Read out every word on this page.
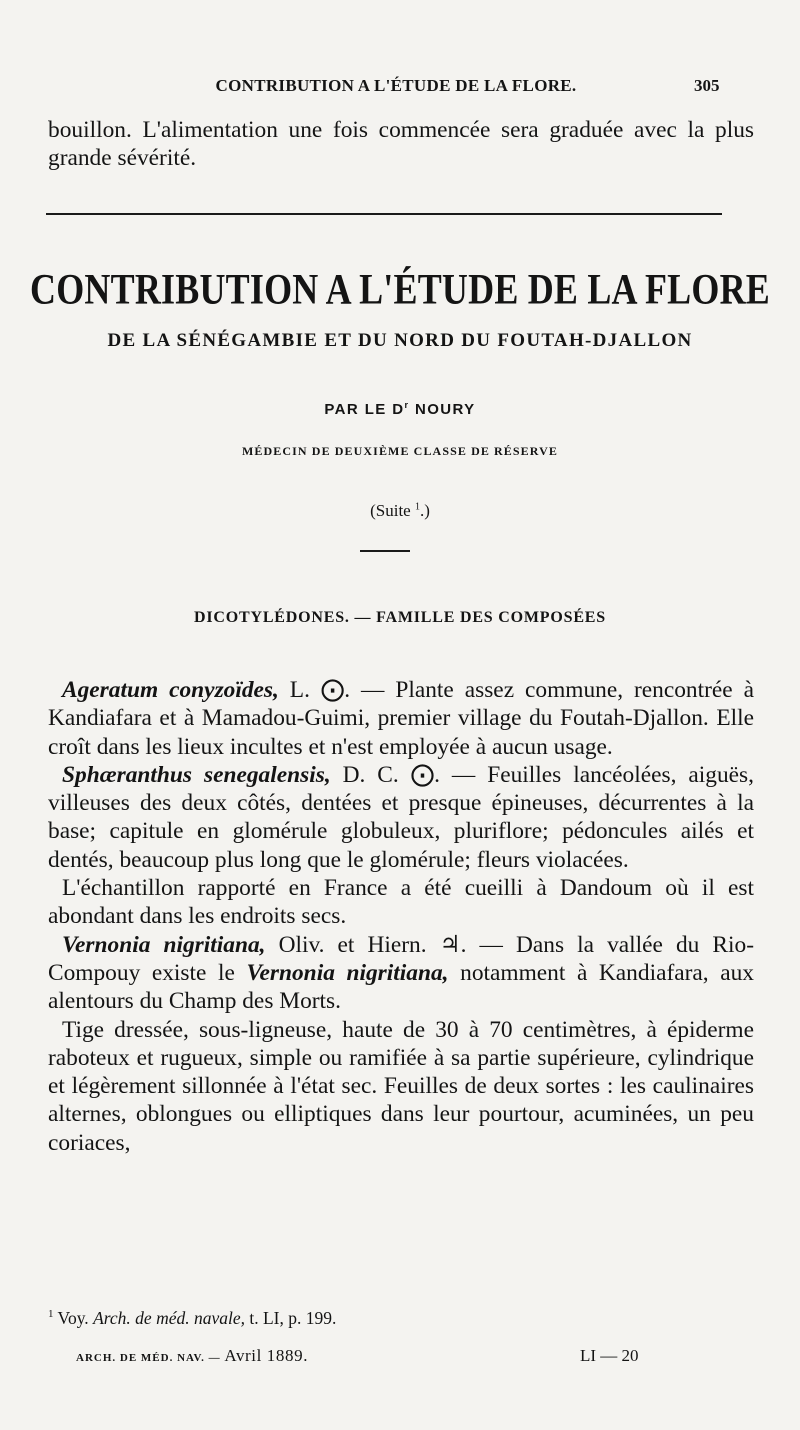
CONTRIBUTION A L'ÉTUDE DE LA FLORE.	305

bouillon. L'alimentation une fois commencée sera graduée avec la plus grande sévérité.

CONTRIBUTION A L'ÉTUDE DE LA FLORE
DE LA SÉNÉGAMBIE ET DU NORD DU FOUTAH-DJALLON
PAR LE $D^r$ NOURY
MÉDECIN DE DEUXIÈME CLASSE DE RÉSERVE
(Suite $^1$.)
DICOTYLÉDONES. — FAMILLE DES COMPOSÉES

Ageratum conyzoïdes, L. ⨀. — Plante assez commune, rencontrée à Kandiafara et à Mamadou-Guimi, premier village du Foutah-Djallon. Elle croît dans les lieux incultes et n'est employée à aucun usage.

Sphæranthus senegalensis, D. C. ⨀. — Feuilles lancéolées, aiguës, villeuses des deux côtés, dentées et presque épineuses, décurrentes à la base; capitule en glomérule globuleux, pluriflore; pédoncules ailés et dentés, beaucoup plus long que le glomérule; fleurs violacées.

L'échantillon rapporté en France a été cueilli à Dandoum où il est abondant dans les endroits secs.

Vernonia nigritiana, Oliv. et Hiern. ♃. — Dans la vallée du Rio-Compouy existe le Vernonia nigritiana, notamment à Kandiafara, aux alentours du Champ des Morts.

Tige dressée, sous-ligneuse, haute de 30 à 70 centimètres, à épiderme raboteux et rugueux, simple ou ramifiée à sa partie supérieure, cylindrique et légèrement sillonnée à l'état sec. Feuilles de deux sortes : les caulinaires alternes, oblongues ou elliptiques dans leur pourtour, acuminées, un peu coriaces,

$^1$ Voy. Arch. de méd. navale, t. LI, p. 199.
ARCH. DE MÉD. NAV. — Avril 1889.	LI — 20
